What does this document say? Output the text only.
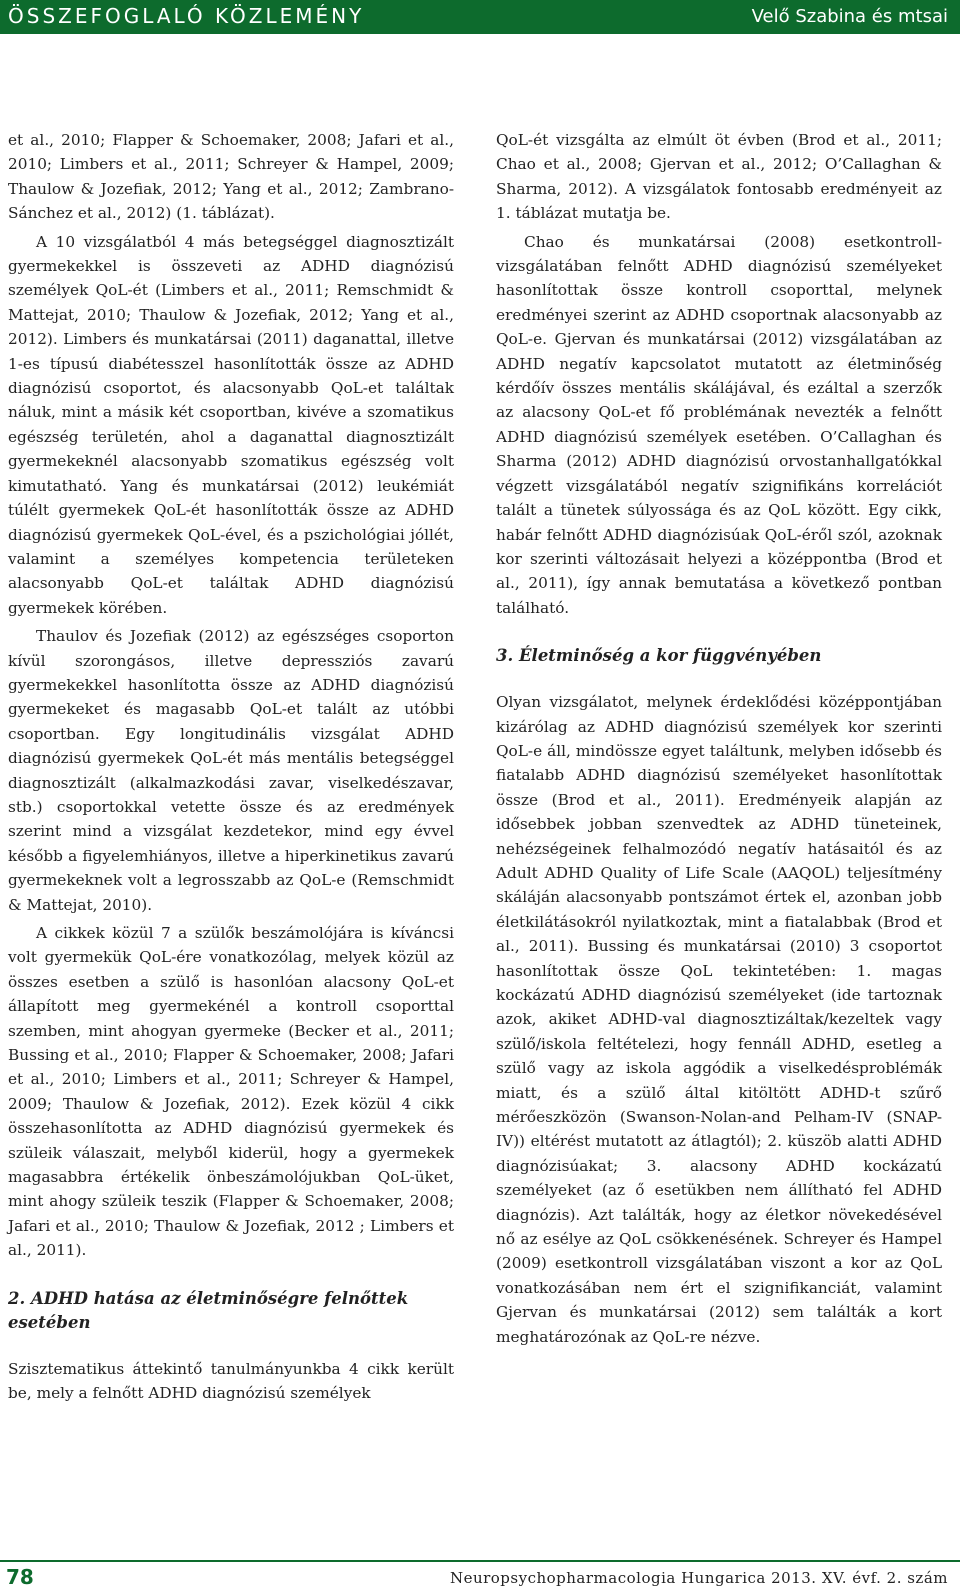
ÖSSZEFOGLALÓ KÖZLEMÉNY	Velő Szabina és mtsai

et al., 2010; Flapper & Schoemaker, 2008; Jafari et al., 2010; Limbers et al., 2011; Schreyer & Hampel, 2009; Thaulow & Jozefiak, 2012; Yang et al., 2012; Zambrano-Sánchez et al., 2012) (1. táblázat).

A 10 vizsgálatból 4 más betegséggel diagnosztizált gyermekekkel is összeveti az ADHD diagnózisú személyek QoL-ét (Limbers et al., 2011; Remschmidt & Mattejat, 2010; Thaulow & Jozefiak, 2012; Yang et al., 2012). Limbers és munkatársai (2011) daganattal, illetve 1-es típusú diabétesszel hasonlították össze az ADHD diagnózisú csoportot, és alacsonyabb QoL-et találtak náluk, mint a másik két csoportban, kivéve a szomatikus egészség területén, ahol a daganattal diagnosztizált gyermekeknél alacsonyabb szomatikus egészség volt kimutatható. Yang és munkatársai (2012) leukémiát túlélt gyermekek QoL-ét hasonlították össze az ADHD diagnózisú gyermekek QoL-ével, és a pszichológiai jóllét, valamint a személyes kompetencia területeken alacsonyabb QoL-et találtak ADHD diagnózisú gyermekek körében.

Thaulov és Jozefiak (2012) az egészséges csoporton kívül szorongásos, illetve depressziós zavarú gyermekekkel hasonlította össze az ADHD diagnózisú gyermekeket és magasabb QoL-et talált az utóbbi csoportban. Egy longitudinális vizsgálat ADHD diagnózisú gyermekek QoL-ét más mentális betegséggel diagnosztizált (alkalmazkodási zavar, viselkedészavar, stb.) csoportokkal vetette össze és az eredmények szerint mind a vizsgálat kezdetekor, mind egy évvel később a figyelemhiányos, illetve a hiperkinetikus zavarú gyermekeknek volt a legrosszabb az QoL-e (Remschmidt & Mattejat, 2010).

A cikkek közül 7 a szülők beszámolójára is kíváncsi volt gyermekük QoL-ére vonatkozólag, melyek közül az összes esetben a szülő is hasonlóan alacsony QoL-et állapított meg gyermekénél a kontroll csoporttal szemben, mint ahogyan gyermeke (Becker et al., 2011; Bussing et al., 2010; Flapper & Schoemaker, 2008; Jafari et al., 2010; Limbers et al., 2011; Schreyer & Hampel, 2009; Thaulow & Jozefiak, 2012). Ezek közül 4 cikk összehasonlította az ADHD diagnózisú gyermekek és szüleik válaszait, melyből kiderül, hogy a gyermekek magasabbra értékelik önbeszámolójukban QoL-üket, mint ahogy szüleik teszik (Flapper & Schoemaker, 2008; Jafari et al., 2010; Thaulow & Jozefiak, 2012 ; Limbers et al., 2011).

2. ADHD hatása az életminőségre felnőttek esetében

Szisztematikus áttekintő tanulmányunkba 4 cikk került be, mely a felnőtt ADHD diagnózisú személyek

QoL-ét vizsgálta az elmúlt öt évben (Brod et al., 2011; Chao et al., 2008; Gjervan et al., 2012; O’Callaghan & Sharma, 2012). A vizsgálatok fontosabb eredményeit az 1. táblázat mutatja be.

Chao és munkatársai (2008) esetkontroll-vizsgálatában felnőtt ADHD diagnózisú személyeket hasonlítottak össze kontroll csoporttal, melynek eredményei szerint az ADHD csoportnak alacsonyabb az QoL-e. Gjervan és munkatársai (2012) vizsgálatában az ADHD negatív kapcsolatot mutatott az életminőség kérdőív összes mentális skálájával, és ezáltal a szerzők az alacsony QoL-et fő problémának nevezték a felnőtt ADHD diagnózisú személyek esetében. O’Callaghan és Sharma (2012) ADHD diagnózisú orvostanhallgatókkal végzett vizsgálatából negatív szignifikáns korrelációt talált a tünetek súlyossága és az QoL között. Egy cikk, habár felnőtt ADHD diagnózisúak QoL-éről szól, azoknak kor szerinti változásait helyezi a középpontba (Brod et al., 2011), így annak bemutatása a következő pontban található.

3. Életminőség a kor függvényében

Olyan vizsgálatot, melynek érdeklődési középpontjában kizárólag az ADHD diagnózisú személyek kor szerinti QoL-e áll, mindössze egyet találtunk, melyben idősebb és fiatalabb ADHD diagnózisú személyeket hasonlítottak össze (Brod et al., 2011). Eredményeik alapján az idősebbek jobban szenvedtek az ADHD tüneteinek, nehézségeinek felhalmozódó negatív hatásaitól és az Adult ADHD Quality of Life Scale (AAQOL) teljesítmény skáláján alacsonyabb pontszámot értek el, azonban jobb életkilátásokról nyilatkoztak, mint a fiatalabbak (Brod et al., 2011). Bussing és munkatársai (2010) 3 csoportot hasonlítottak össze QoL tekintetében: 1. magas kockázatú ADHD diagnózisú személyeket (ide tartoznak azok, akiket ADHD-val diagnosztizáltak/kezeltek vagy szülő/iskola feltételezi, hogy fennáll ADHD, esetleg a szülő vagy az iskola aggódik a viselkedésproblémák miatt, és a szülő által kitöltött ADHD-t szűrő mérőeszközön (Swanson-Nolan-and Pelham-IV (SNAP-IV)) eltérést mutatott az átlagtól); 2. küszöb alatti ADHD diagnózisúakat; 3. alacsony ADHD kockázatú személyeket (az ő esetükben nem állítható fel ADHD diagnózis). Azt találták, hogy az életkor növekedésével nő az esélye az QoL csökkenésének. Schreyer és Hampel (2009) esetkontroll vizsgálatában viszont a kor az QoL vonatkozásában nem ért el szignifikanciát, valamint Gjervan és munkatársai (2012) sem találták a kort meghatározónak az QoL-re nézve.

78	Neuropsychopharmacologia Hungarica 2013. XV. évf. 2. szám
